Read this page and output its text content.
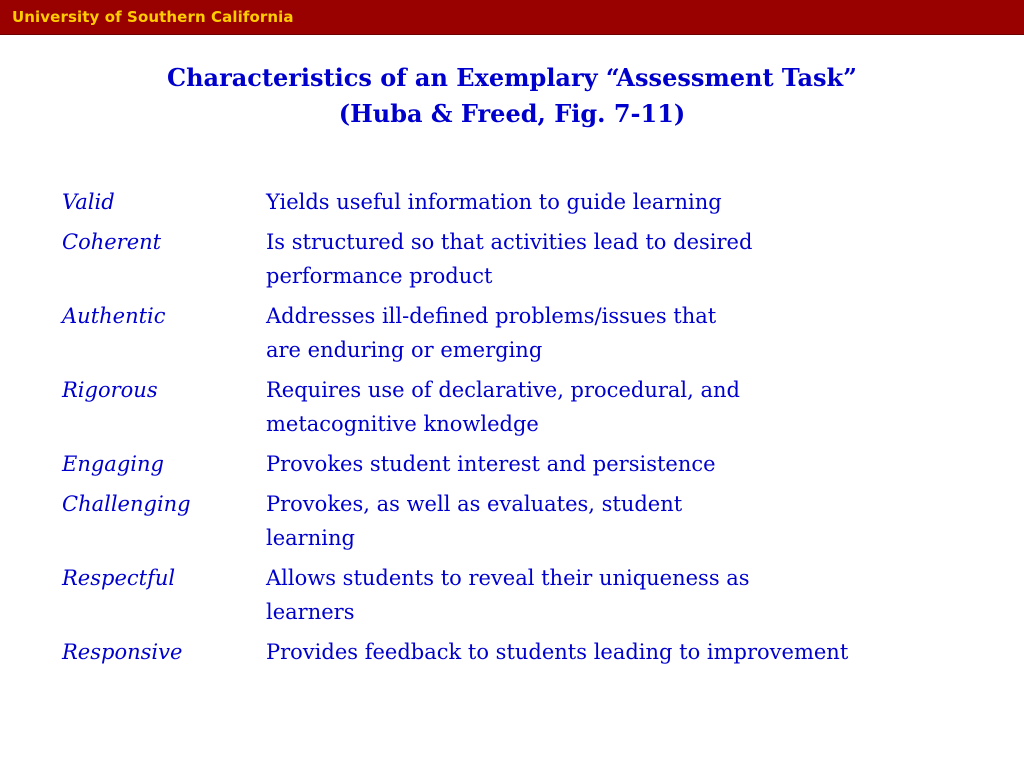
University of Southern California
Characteristics of an Exemplary “Assessment Task”
(Huba & Freed, Fig. 7-11)
Valid	Yields useful information to guide learning
Coherent	Is structured so that activities lead to desired
performance product
Authentic	Addresses ill-defined problems/issues that
are enduring or emerging
Rigorous	Requires use of declarative, procedural, and
metacognitive knowledge
Engaging	Provokes student interest and persistence
Challenging	Provokes, as well as evaluates, student
learning
Respectful	Allows students to reveal their uniqueness as
learners
Responsive	Provides feedback to students leading to improvement
